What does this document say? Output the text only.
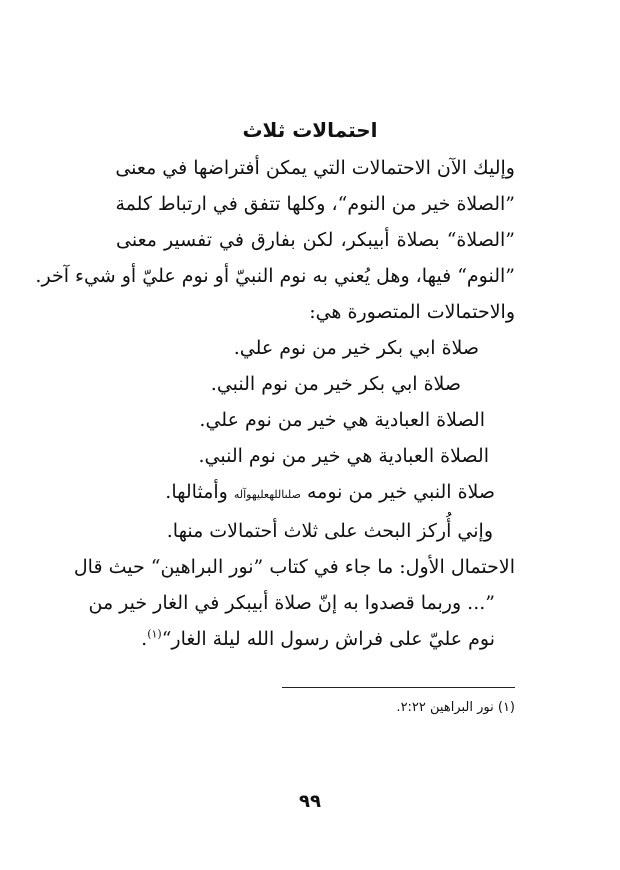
احتمالات ثلاث

وإليك الآن الاحتمالات التي يمكن أفتراضها في معنى

”الصلاة خير من النوم“، وكلها تتفق في ارتباط كلمة

”الصلاة“ بصلاة أبيبكر، لكن بفارق في تفسير معنى

”النوم“ فيها، وهل يُعني به نوم النبيّ أو نوم عليّ أو شيء آخر.

والاحتمالات المتصورة هي:

صلاة ابي بكر خير من نوم علي.

صلاة ابي بكر خير من نوم النبي.

الصلاة العبادية هي خير من نوم علي.

الصلاة العبادية هي خير من نوم النبي.

صلاة النبي خير من نومه صلىاللهعليهوآله وأمثالها.

وإني أُركز البحث على ثلاث أحتمالات منها.

الاحتمال الأول: ما جاء في كتاب ”نور البراهين“ حيث قال

”... وربما قصدوا به إنّ صلاة أبيبكر في الغار خير من

نوم عليّ على فراش رسول الله ليلة الغار“$^{(١)}$.

(١) نور البراهين ٢:٢٢.
٩٩
